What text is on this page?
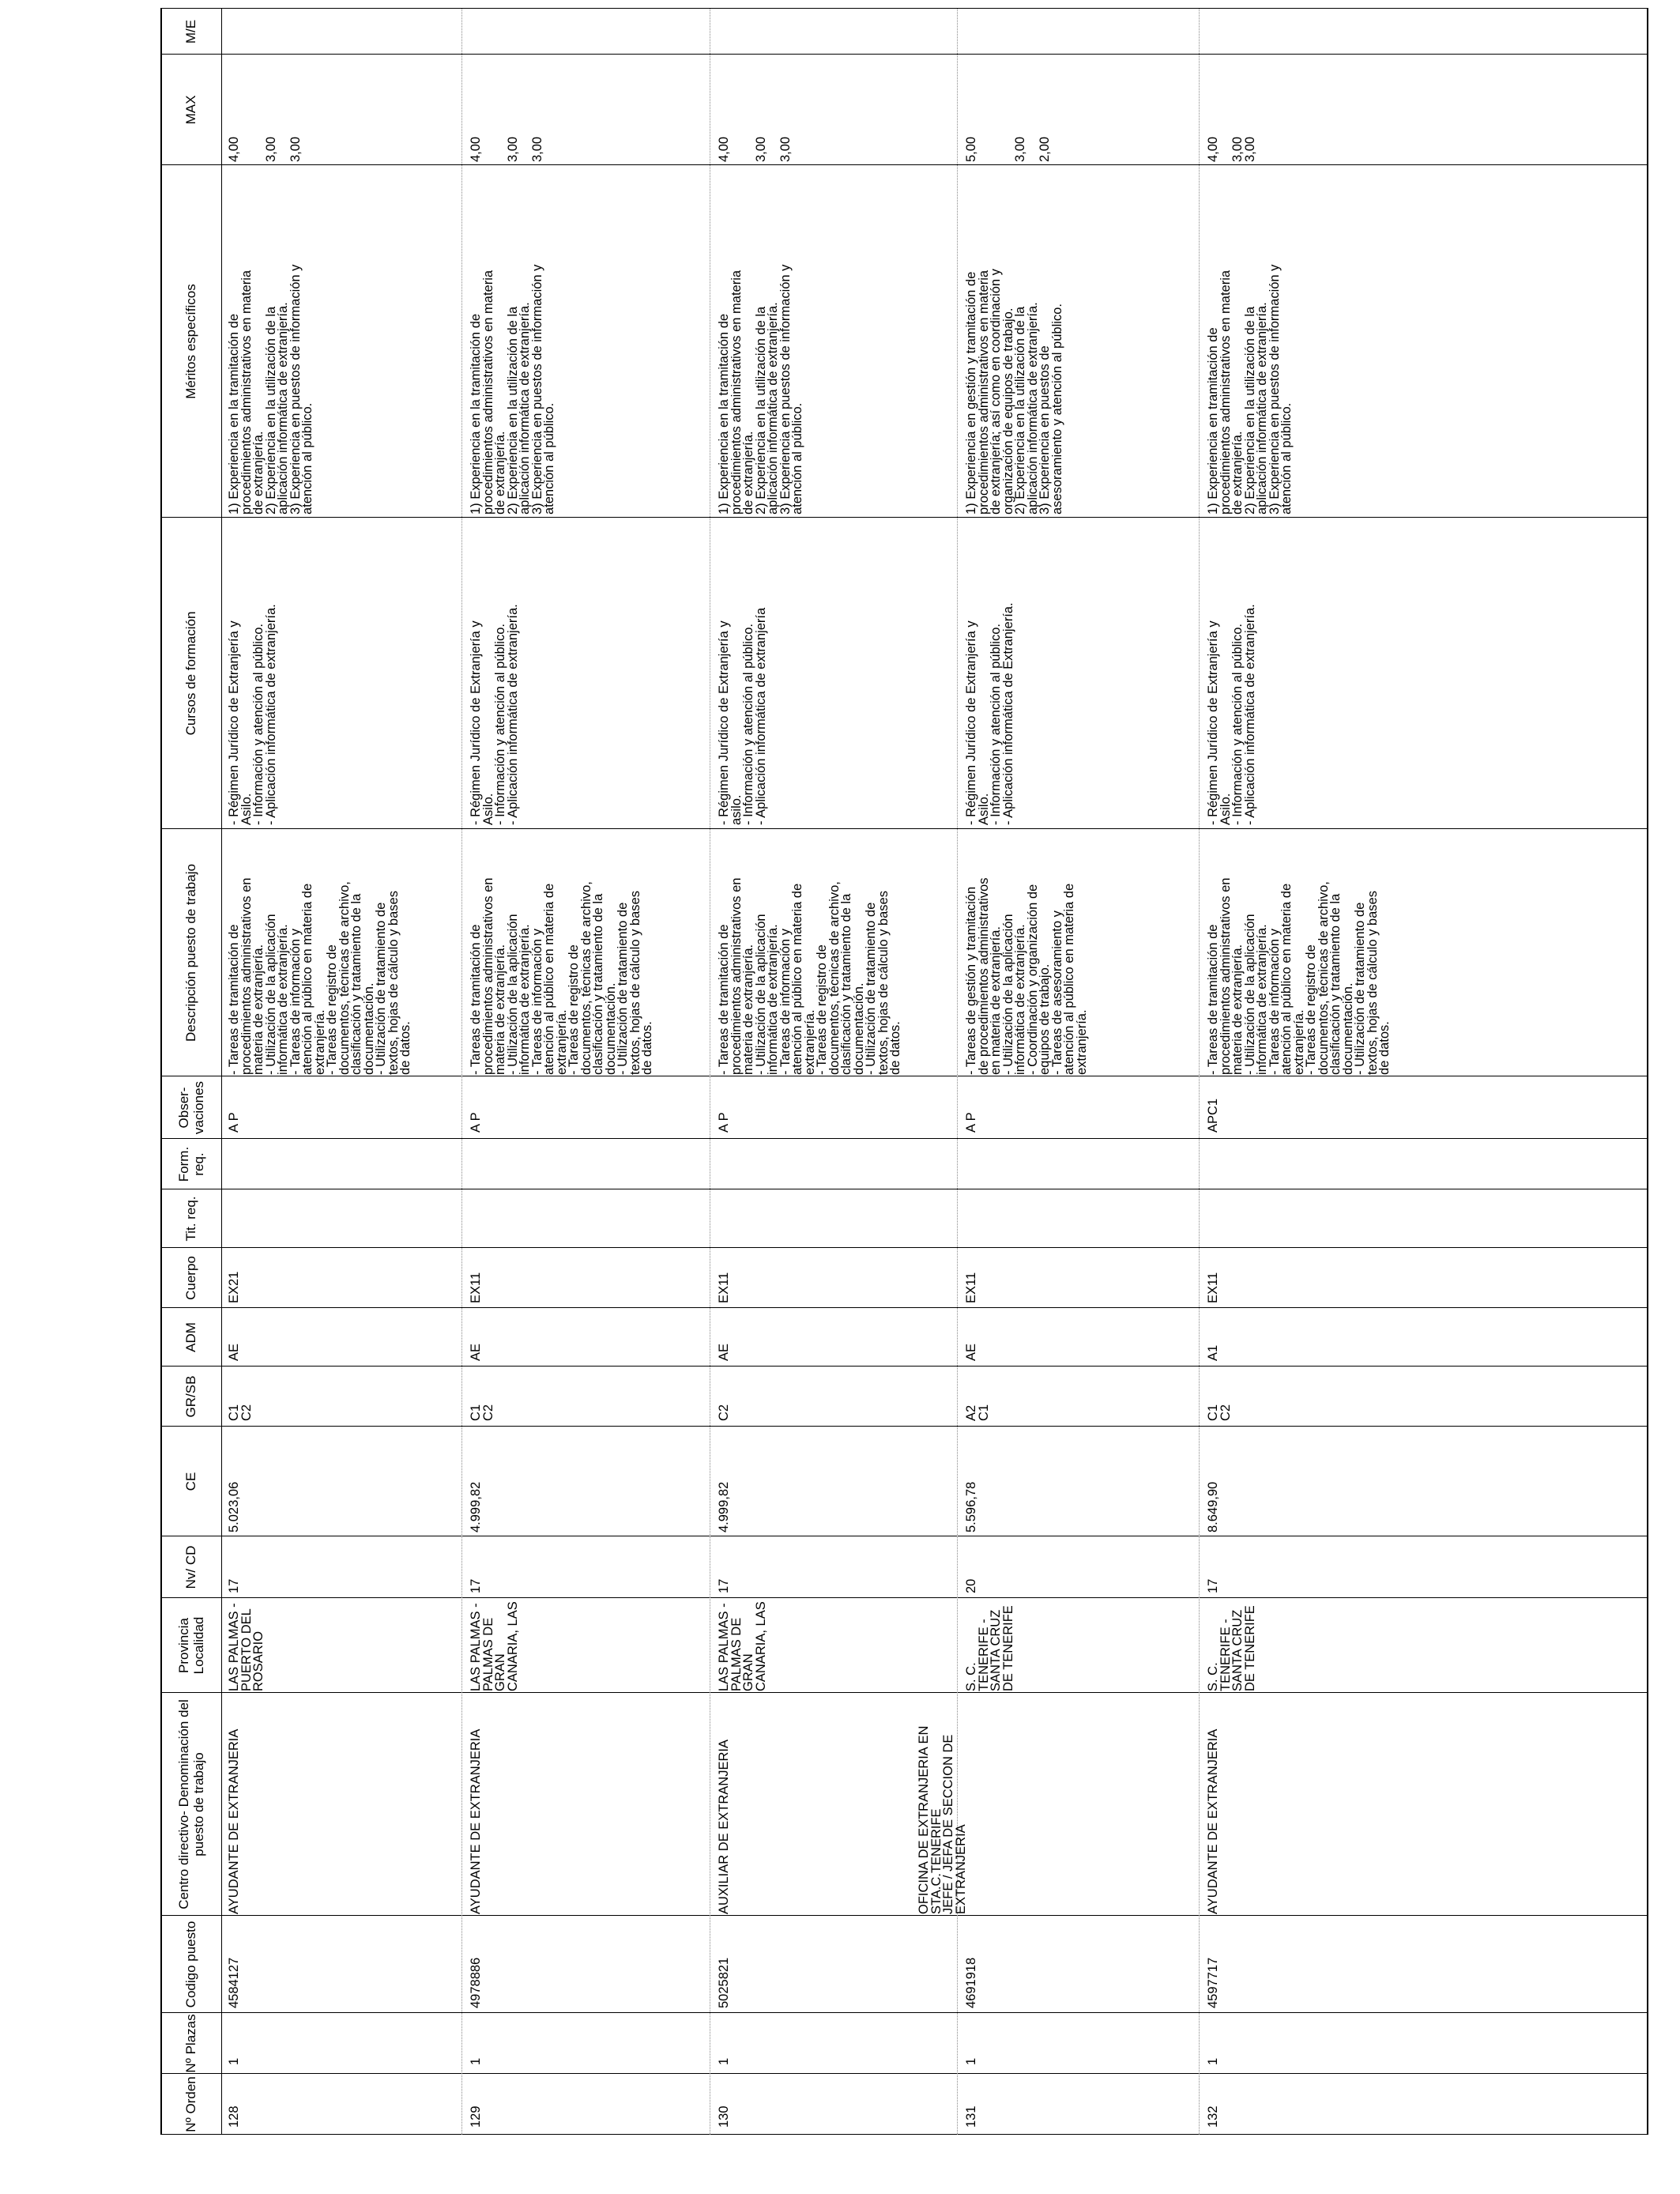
Nº Orden
Nº Plazas
Codigo puesto
Centro directivo- Denominación del puesto de trabajo
Provincia Localidad
Nv/ CD
CE
GR/SB
ADM
Cuerpo
Tit. req.
Form. req.
Obser- vaciones
Descripción puesto de trabajo
Cursos de formación
Méritos específicos
MAX
M/E
128
1
4584127
AYUDANTE DE EXTRANJERIA
LAS PALMAS -
PUERTO DEL
ROSARIO
17
5.023,06
C1
C2
AE
EX21
A P
- Tareas de tramitación de
procedimientos administrativos en
materia de extranjería.
- Utilización de la aplicación
informática de extranjería.
- Tareas de información y
atención al público en materia de
extranjería.
- Tareas de registro de
documentos, técnicas de archivo,
clasificación y tratamiento de la
documentación.
- Utilización de tratamiento de
textos, hojas de cálculo y bases
de datos.
- Régimen Jurídico de Extranjería y
Asilo.
- Información y atención al público.
- Aplicación informática de extranjería.
1) Experiencia en la tramitación de
procedimientos administrativos en materia
de extranjería.
2) Experiencia en la utilización de la
aplicación informática de extranjería.
3) Experiencia en puestos de información y
atención al público.
4,00

3,00

3,00
129
1
4978886
AYUDANTE DE EXTRANJERIA
LAS PALMAS -
PALMAS DE
GRAN
CANARIA, LAS
17
4.999,82
C1
C2
AE
EX11
A P
- Tareas de tramitación de
procedimientos administrativos en
materia de extranjería.
- Utilización de la aplicación
informática de extranjería.
- Tareas de información y
atención al público en materia de
extranjería.
- Tareas de registro de
documentos, técnicas de archivo,
clasificación y tratamiento de la
documentación.
- Utilización de tratamiento de
textos, hojas de cálculo y bases
de datos.
- Régimen Jurídico de Extranjería y
Asilo.
- Información y atención al público.
- Aplicación informática de extranjería.
1) Experiencia en la tramitación de
procedimientos administrativos en materia
de extranjería.
2) Experiencia en la utilización de la
aplicación informática de extranjería.
3) Experiencia en puestos de información y
atención al público.
4,00

3,00

3,00
130
1
5025821
AUXILIAR DE EXTRANJERIA
LAS PALMAS -
PALMAS DE
GRAN
CANARIA, LAS
17
4.999,82
C2
AE
EX11
A P
- Tareas de tramitación de
procedimientos administrativos en
materia de extranjería.
- Utilización de la aplicación
informática de extranjería.
- Tareas de información y
atención al público en materia de
extranjería.
- Tareas de registro de
documentos, técnicas de archivo,
clasificación y tratamiento de la
documentación.
- Utilización de tratamiento de
textos, hojas de cálculo y bases
de datos.
- Régimen Jurídico de Extranjería y
asilo.
- Información y atención al público.
- Aplicación informática de extranjería
1) Experiencia en la tramitación de
procedimientos administrativos en materia
de extranjería.
2) Experiencia en la utilización de la
aplicación informática de extranjería.
3) Experiencia en puestos de información y
atención al público.
4,00

3,00

3,00
131
1
4691918
OFICINA DE EXTRANJERIA EN
STA.C.TENERIFE
JEFE / JEFA DE SECCION DE
EXTRANJERIA
S. C.
TENERIFE -
SANTA CRUZ
DE TENERIFE
20
5.596,78
A2
C1
AE
EX11
A P
- Tareas de gestión y tramitación
de procedimientos administrativos
en materia de extranjería.
- Utilización de la aplicación
informática de extranjería.
- Coordinación y organización de
equipos de trabajo.
- Tareas de asesoramiento y
atención al público en materia de
extranjería.
- Régimen Jurídico de Extranjería y
Asilo.
- Información y atención al público.
- Aplicación informática de Extranjería.
1) Experiencia en gestión y tramitación de
procedimientos administrativos en materia
de extranjería; así como en coordinación y
organización de equipos de trabajo.
2) Experiencia en la utilización de la
aplicación informática de extranjería.
3) Experiencia en puestos de
asesoramiento y atención al público.
5,00

3,00

2,00
132
1
4597717
AYUDANTE DE EXTRANJERIA
S. C.
TENERIFE -
SANTA CRUZ
DE TENERIFE
17
8.649,90
C1
C2
A1
EX11
APC1
- Tareas de tramitación de
procedimientos administrativos en
materia de extranjería.
- Utilización de la aplicación
informática de extranjería.
- Tareas de información y
atención al público en materia de
extranjería.
- Tareas de registro de
documentos, técnicas de archivo,
clasificación y tratamiento de la
documentación.
- Utilización de tratamiento de
textos, hojas de cálculo y bases
de datos.
- Régimen Jurídico de Extranjería y
Asilo.
- Información y atención al público.
- Aplicación informática de extranjería.
1) Experiencia en tramitación de
procedimientos administrativos en materia
de extranjería.
2) Experiencia en la utilización de la
aplicación informática de extranjería.
3) Experiencia en puestos de información y
atención al público.
4,00

3,00
3,00
